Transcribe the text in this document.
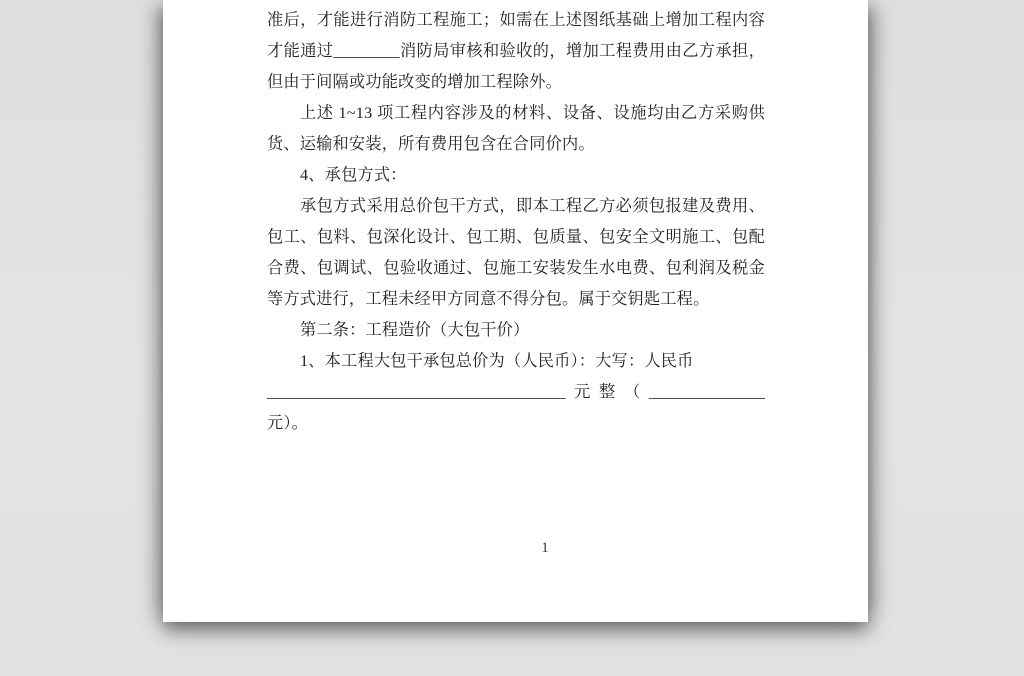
准后，才能进行消防工程施工；如需在上述图纸基础上增加工程内容
才能通过________消防局审核和验收的，增加工程费用由乙方承担，
但由于间隔或功能改变的增加工程除外。
上述 1~13 项工程内容涉及的材料、设备、设施均由乙方采购供
货、运输和安装，所有费用包含在合同价内。
4、承包方式：
承包方式采用总价包干方式，即本工程乙方必须包报建及费用、
包工、包料、包深化设计、包工期、包质量、包安全文明施工、包配
合费、包调试、包验收通过、包施工安装发生水电费、包利润及税金
等方式进行，工程未经甲方同意不得分包。属于交钥匙工程。
第二条：工程造价（大包干价）
1、本工程大包干承包总价为（人民币）：大写：人民币
____________________________________元整（______________
元）。
1
